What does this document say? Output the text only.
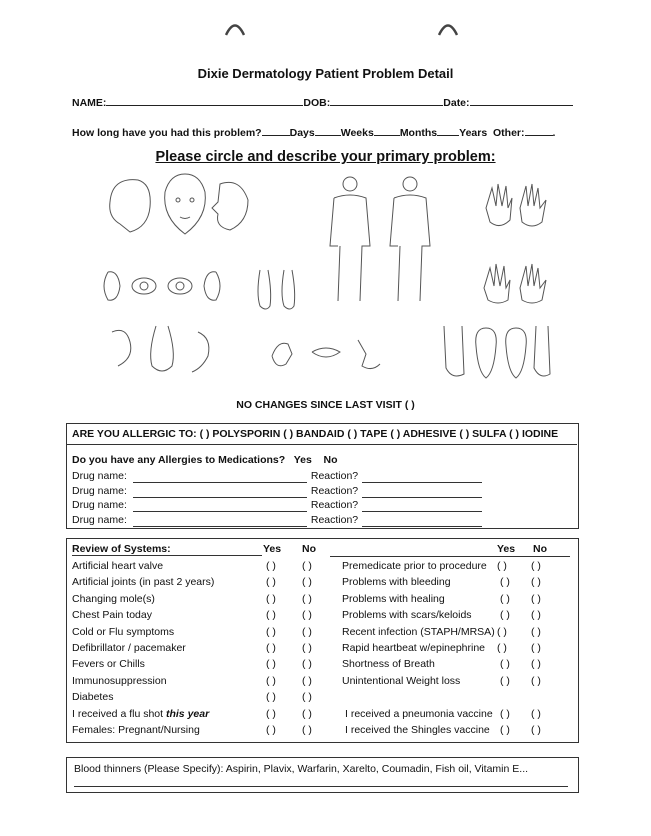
Dixie Dermatology Patient Problem Detail
NAME:	DOB:	Date:
How long have you had this problem?	Days Weeks Months Years Other:	.
Please circle and describe your primary problem:
NO CHANGES SINCE LAST VISIT ( )
ARE YOU ALLERGIC TO: ( ) POLYSPORIN ( ) BANDAID ( ) TAPE ( ) ADHESIVE ( ) SULFA ( ) IODINE
Do you have any Allergies to Medications? Yes No
Drug name:	Reaction?
Drug name:	Reaction?
Drug name:	Reaction?
Drug name:	Reaction?
Review of Systems:	Yes No	Yes No
Artificial heart valve	( ) ( )	Premedicate prior to procedure ( ) ( )
Artificial joints (in past 2 years)	( ) ( )	Problems with bleeding	( ) ( )
Changing mole(s)	( ) ( )	Problems with healing	( ) ( )
Chest Pain today	( ) ( )	Problems with scars/keloids	( ) ( )
Cold or Flu symptoms	( ) ( )	Recent infection (STAPH/MRSA) ( ) ( )
Defibrillator / pacemaker	( ) ( )	Rapid heartbeat w/epinephrine ( ) ( )
Fevers or Chills	( ) ( )	Shortness of Breath	( ) ( )
Immunosuppression	( ) ( )	Unintentional Weight loss	( ) ( )
Diabetes	( ) ( )
I received a flu shot this year	( ) ( )	I received a pneumonia vaccine ( ) ( )
Females: Pregnant/Nursing	( ) ( )	I received the Shingles vaccine ( ) ( )
Blood thinners (Please Specify): Aspirin, Plavix, Warfarin, Xarelto, Coumadin, Fish oil, Vitamin E...
